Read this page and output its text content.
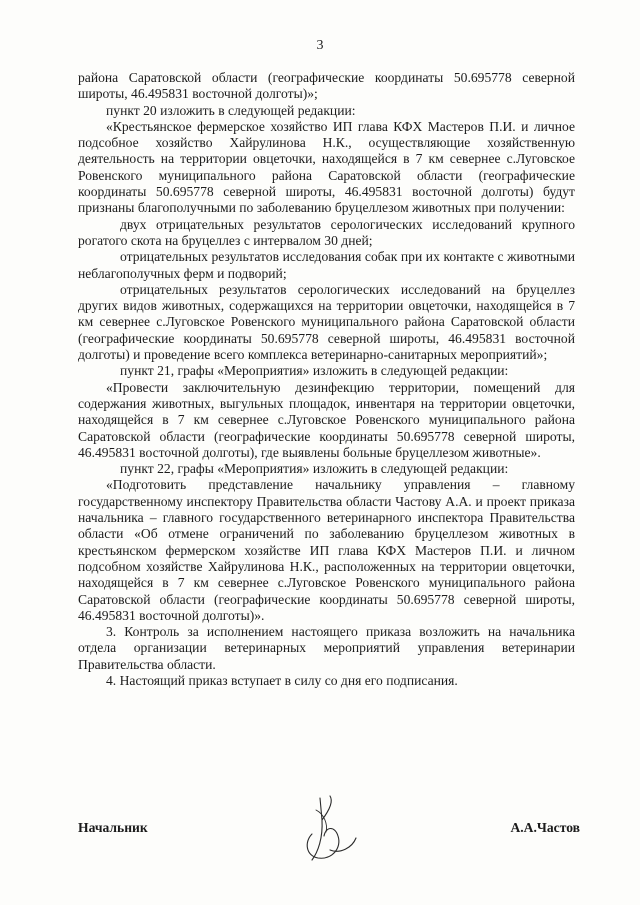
3

района Саратовской области (географические координаты 50.695778 северной широты, 46.495831 восточной долготы)»;

пункт 20 изложить в следующей редакции:

«Крестьянское фермерское хозяйство ИП глава КФХ Мастеров П.И. и личное подсобное хозяйство Хайрулинова Н.К., осуществляющие хозяйственную деятельность на территории овцеточки, находящейся в 7 км севернее с.Луговское Ровенского муниципального района Саратовской области (географические координаты 50.695778 северной широты, 46.495831 восточной долготы) будут признаны благополучными по заболеванию бруцеллезом животных при получении:

двух отрицательных результатов серологических исследований крупного рогатого скота на бруцеллез с интервалом 30 дней;

отрицательных результатов исследования собак при их контакте с животными неблагополучных ферм и подворий;

отрицательных результатов серологических исследований на бруцеллез других видов животных, содержащихся на территории овцеточки, находящейся в 7 км севернее с.Луговское Ровенского муниципального района Саратовской области (географические координаты 50.695778 северной широты, 46.495831 восточной долготы) и проведение всего комплекса ветеринарно-санитарных мероприятий»;

пункт 21, графы «Мероприятия» изложить в следующей редакции:

«Провести заключительную дезинфекцию территории, помещений для содержания животных, выгульных площадок, инвентаря на территории овцеточки, находящейся в 7 км севернее с.Луговское Ровенского муниципального района Саратовской области (географические координаты 50.695778 северной широты, 46.495831 восточной долготы), где выявлены больные бруцеллезом животные».

пункт 22, графы «Мероприятия» изложить в следующей редакции:

«Подготовить представление начальнику управления – главному государственному инспектору Правительства области Частову А.А. и проект приказа начальника – главного государственного ветеринарного инспектора Правительства области «Об отмене ограничений по заболеванию бруцеллезом животных в крестьянском фермерском хозяйстве ИП глава КФХ Мастеров П.И. и личном подсобном хозяйстве Хайрулинова Н.К., расположенных на территории овцеточки, находящейся в 7 км севернее с.Луговское Ровенского муниципального района Саратовской области (географические координаты 50.695778 северной широты, 46.495831 восточной долготы)».

3. Контроль за исполнением настоящего приказа возложить на начальника отдела организации ветеринарных мероприятий управления ветеринарии Правительства области.

4. Настоящий приказ вступает в силу со дня его подписания.

Начальник	А.А.Частов
